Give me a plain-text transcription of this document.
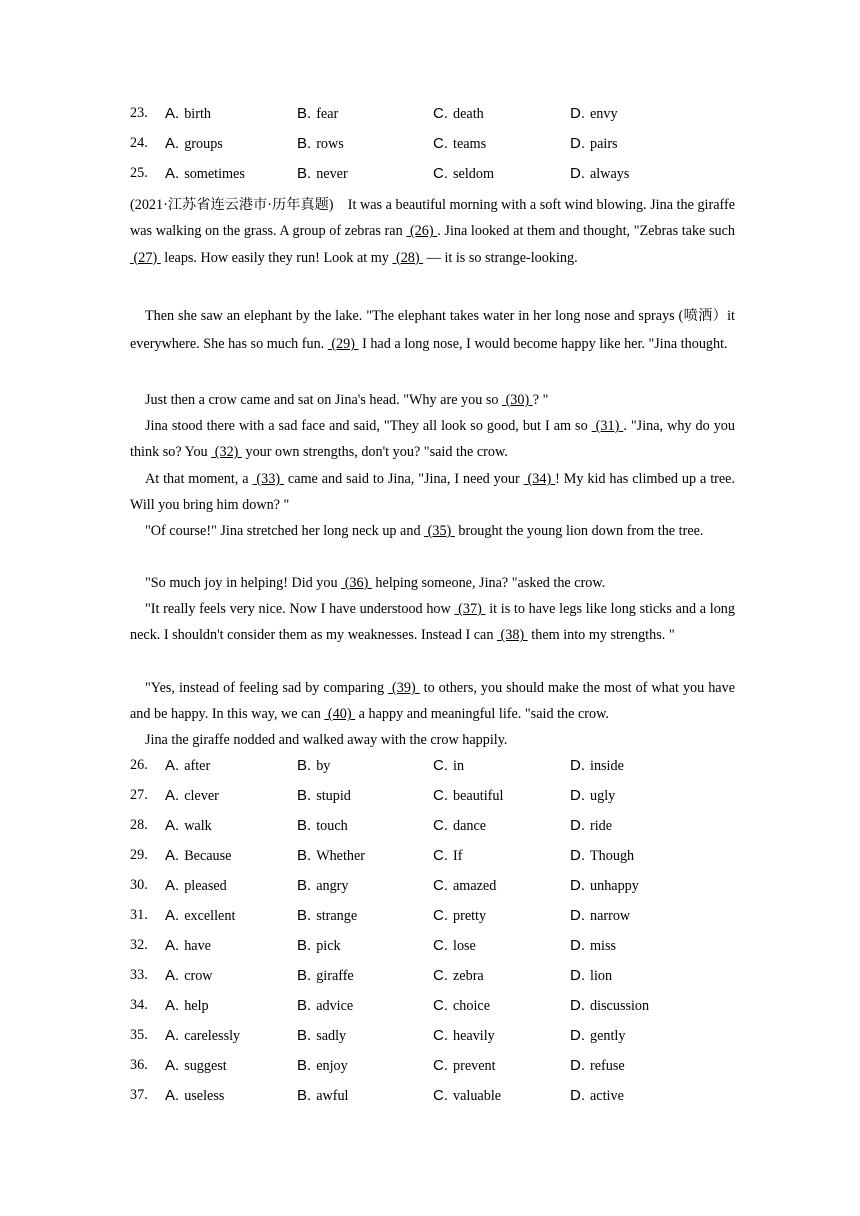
23. A. birth	B. fear	C. death	D. envy
24. A. groups	B. rows	C. teams	D. pairs
25. A. sometimes	B. never	C. seldom	D. always
(2021·江苏省连云港市·历年真题) It was a beautiful morning with a soft wind blowing. Jina the giraffe was walking on the grass. A group of zebras ran  (26) . Jina looked at them and thought, "Zebras take such  (27)  leaps. How easily they run! Look at my  (28)  — it is so strange-looking.
Then she saw an elephant by the lake. "The elephant takes water in her long nose and sprays (喷洒）it everywhere. She has so much fun.  (29)  I had a long nose, I would become happy like her. "Jina thought.
Just then a crow came and sat on Jina's head. "Why are you so  (30) ? "
Jina stood there with a sad face and said, "They all look so good, but I am so  (31) . "Jina, why do you think so? You  (32)  your own strengths, don't you? "said the crow.
At that moment, a  (33)  came and said to Jina, "Jina, I need your  (34) ! My kid has climbed up a tree. Will you bring him down? "
"Of course!" Jina stretched her long neck up and  (35)  brought the young lion down from the tree.
"So much joy in helping! Did you  (36)  helping someone, Jina? "asked the crow.
"It really feels very nice. Now I have understood how  (37)  it is to have legs like long sticks and a long neck. I shouldn't consider them as my weaknesses. Instead I can  (38)  them into my strengths. "
"Yes, instead of feeling sad by comparing  (39)  to others, you should make the most of what you have and be happy. In this way, we can  (40)  a happy and meaningful life. "said the crow.
Jina the giraffe nodded and walked away with the crow happily.
26. A. after	B. by	C. in	D. inside
27. A. clever	B. stupid	C. beautiful	D. ugly
28. A. walk	B. touch	C. dance	D. ride
29. A. Because	B. Whether	C. If	D. Though
30. A. pleased	B. angry	C. amazed	D. unhappy
31. A. excellent	B. strange	C. pretty	D. narrow
32. A. have	B. pick	C. lose	D. miss
33. A. crow	B. giraffe	C. zebra	D. lion
34. A. help	B. advice	C. choice	D. discussion
35. A. carelessly	B. sadly	C. heavily	D. gently
36. A. suggest	B. enjoy	C. prevent	D. refuse
37. A. useless	B. awful	C. valuable	D. active
